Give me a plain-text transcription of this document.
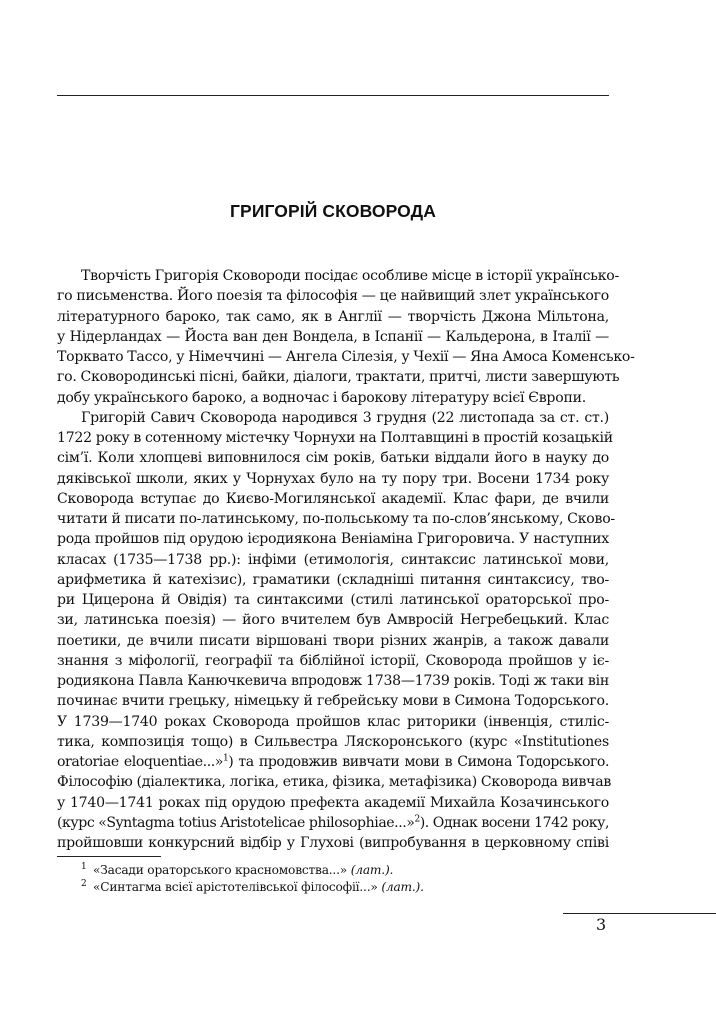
ГРИГОРІЙ СКОВОРОДА
Творчість Григорія Сковороди посідає особливе місце в історії українсько-
го письменства. Його поезія та філософія — це найвищий злет українського
літературного бароко, так само, як в Англії — творчість Джона Мільтона,
у Нідерландах — Йоста ван ден Вондела, в Іспанії — Кальдерона, в Італії —
Торквато Тассо, у Німеччині — Ангела Сілезія, у Чехії — Яна Амоса Коменсько-
го. Сковородинські пісні, байки, діалоги, трактати, притчі, листи завершують
добу українського бароко, а водночас і барокову літературу всієї Європи.
Григорій Савич Сковорода народився 3 грудня (22 листопада за ст. ст.)
1722 року в сотенному містечку Чорнухи на Полтавщині в простій козацькій
сім’ї. Коли хлопцеві виповнилося сім років, батьки віддали його в науку до
дяківської школи, яких у Чорнухах було на ту пору три. Восени 1734 року
Сковорода вступає до Києво-Могилянської академії. Клас фари, де вчили
читати й писати по-латинському, по-польському та по-слов’янському, Сково-
рода пройшов під орудою ієродиякона Веніаміна Григоровича. У наступних
класах (1735—1738 рр.): інфіми (етимологія, синтаксис латинської мови,
арифметика й катехізис), граматики (складніші питання синтаксису, тво-
ри Цицерона й Овідія) та синтаксими (стилі латинської ораторської про-
зи, латинська поезія) — його вчителем був Амвросій Негребецький. Клас
поетики, де вчили писати віршовані твори різних жанрів, а також давали
знання з міфології, географії та біблійної історії, Сковорода пройшов у іє-
родиякона Павла Канючкевича впродовж 1738—1739 років. Тоді ж таки він
починає вчити грецьку, німецьку й гебрейську мови в Симона Тодорського.
У 1739—1740 роках Сковорода пройшов клас риторики (інвенція, стиліс-
тика, композиція тощо) в Сильвестра Ляскоронського (курс «Institutiones
oratoriae eloquentiae...»$^1$) та продовжив вивчати мови в Симона Тодорського.
Філософію (діалектика, логіка, етика, фізика, метафізика) Сковорода вивчав
у 1740—1741 роках під орудою префекта академії Михайла Козачинського
(курс «Syntagma totius Aristotelicae philosophiae...»$^2$). Однак восени 1742 року,
пройшовши конкурсний відбір у Глухові (випробування в церковному співі
1 «Засади ораторського красномовства...» (лат.).
2 «Синтагма всієї арістотелівської філософії...» (лат.).
3
